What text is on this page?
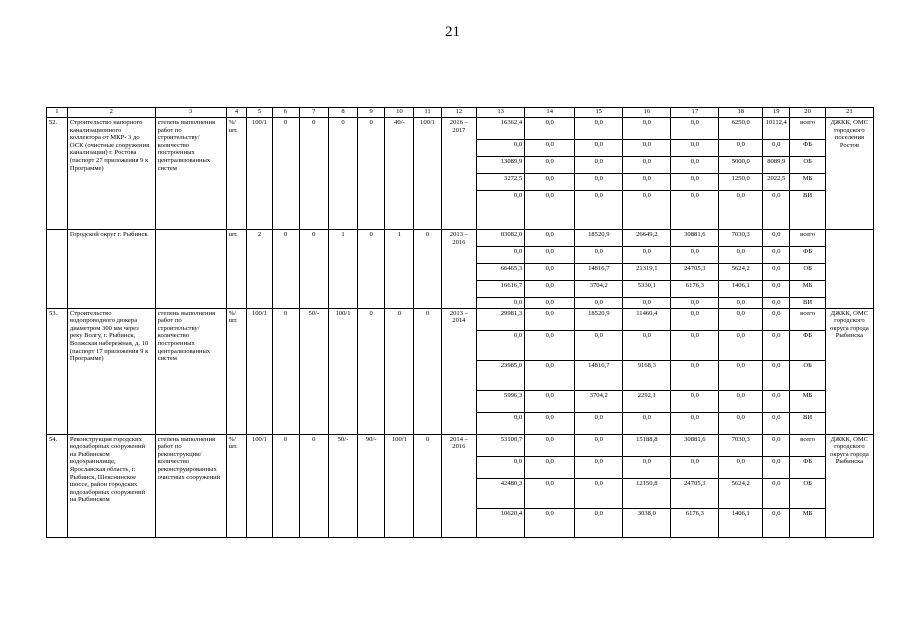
21
1	2	3	4	5	6	7	8	9	10	11	12	13	14	15	16	17	18	19	20	21
52.	Строительство напорного канализационного коллектора от МКР- 3 до ОСК (очистные сооружения канализации) г. Ростова (паспорт 27 приложения 9 к Программе)	степень выполнения работ по строительству/ количество построенных централизованных систем	%/ шт.	100/1	0	0	0	0	40/-	100/1	2016 – 2017	16362,4	0,0	0,0	0,0	0,0	6250,0	10112,4	всего	ДЖКК, ОМС городского поселения Ростов
												0,0	0,0	0,0	0,0	0,0	0,0	0,0	ФБ	
												13089,9	0,0	0,0	0,0	0,0	5000,0	8089,9	ОБ	
												3272,5	0,0	0,0	0,0	0,0	1250,0	2022,5	МБ	
												0,0	0,0	0,0	0,0	0,0	0,0	0,0	ВИ	
	Городской округ г. Рыбинск		шт.	2	0	0	1	0	1	0	2013 – 2016	83082,0	0,0	18520,9	26649,2	30881,6	7030,3	0,0	всего	
												0,0	0,0	0,0	0,0	0,0	0,0	0,0	ФБ	
												66465,3	0,0	14816,7	21319,1	24705,3	5624,2	0,0	ОБ	
												16616,7	0,0	3704,2	5330,1	6176,3	1406,1	0,0	МБ	
												0,0	0,0	0,0	0,0	0,0	0,0	0,0	ВИ	
53.	Строительство водопроводного дюкера диаметром 300 мм через реку Волгу, г. Рыбинск, Волжская набережная, д. 10 (паспорт 17 приложения 9 к Программе)	степень выполнения работ по строительству/ количество построенных централизованных систем	%/ шт.	100/1	0	50/-	100/1	0	0	0	2013 – 2014	29981,3	0,0	18520,9	11460,4	0,0	0,0	0,0	всего	ДЖКК, ОМС городского округа города Рыбинска
												0,0	0,0	0,0	0,0	0,0	0,0	0,0	ФБ	
												23985,0	0,0	14816,7	9168,3	0,0	0,0	0,0	ОБ	
												5996,3	0,0	3704,2	2292,1	0,0	0,0	0,0	МБ	
												0,0	0,0	0,0	0,0	0,0	0,0	0,0	ВИ	
54.	Реконструкция городских водозаборных сооружений на Рыбинском водохранилище, Ярославская область, г. Рыбинск, Шекснинское шоссе, район городских водозаборных сооружений на Рыбинском	степень выполнения работ по реконструкции/ количество реконструированных очистных сооружений	%/ шт.	100/1	0	0	50/-	90/-	100/1	0	2014 – 2016	53100,7	0,0	0,0	15188,8	30881,6	7030,3	0,0	всего	ДЖКК, ОМС городского округа города Рыбинска
												0,0	0,0	0,0	0,0	0,0	0,0	0,0	ФБ	
												42480,3	0,0	0,0	12150,8	24705,3	5624,2	0,0	ОБ	
												10620,4	0,0	0,0	3038,0	6176,3	1406,1	0,0	МБ	
